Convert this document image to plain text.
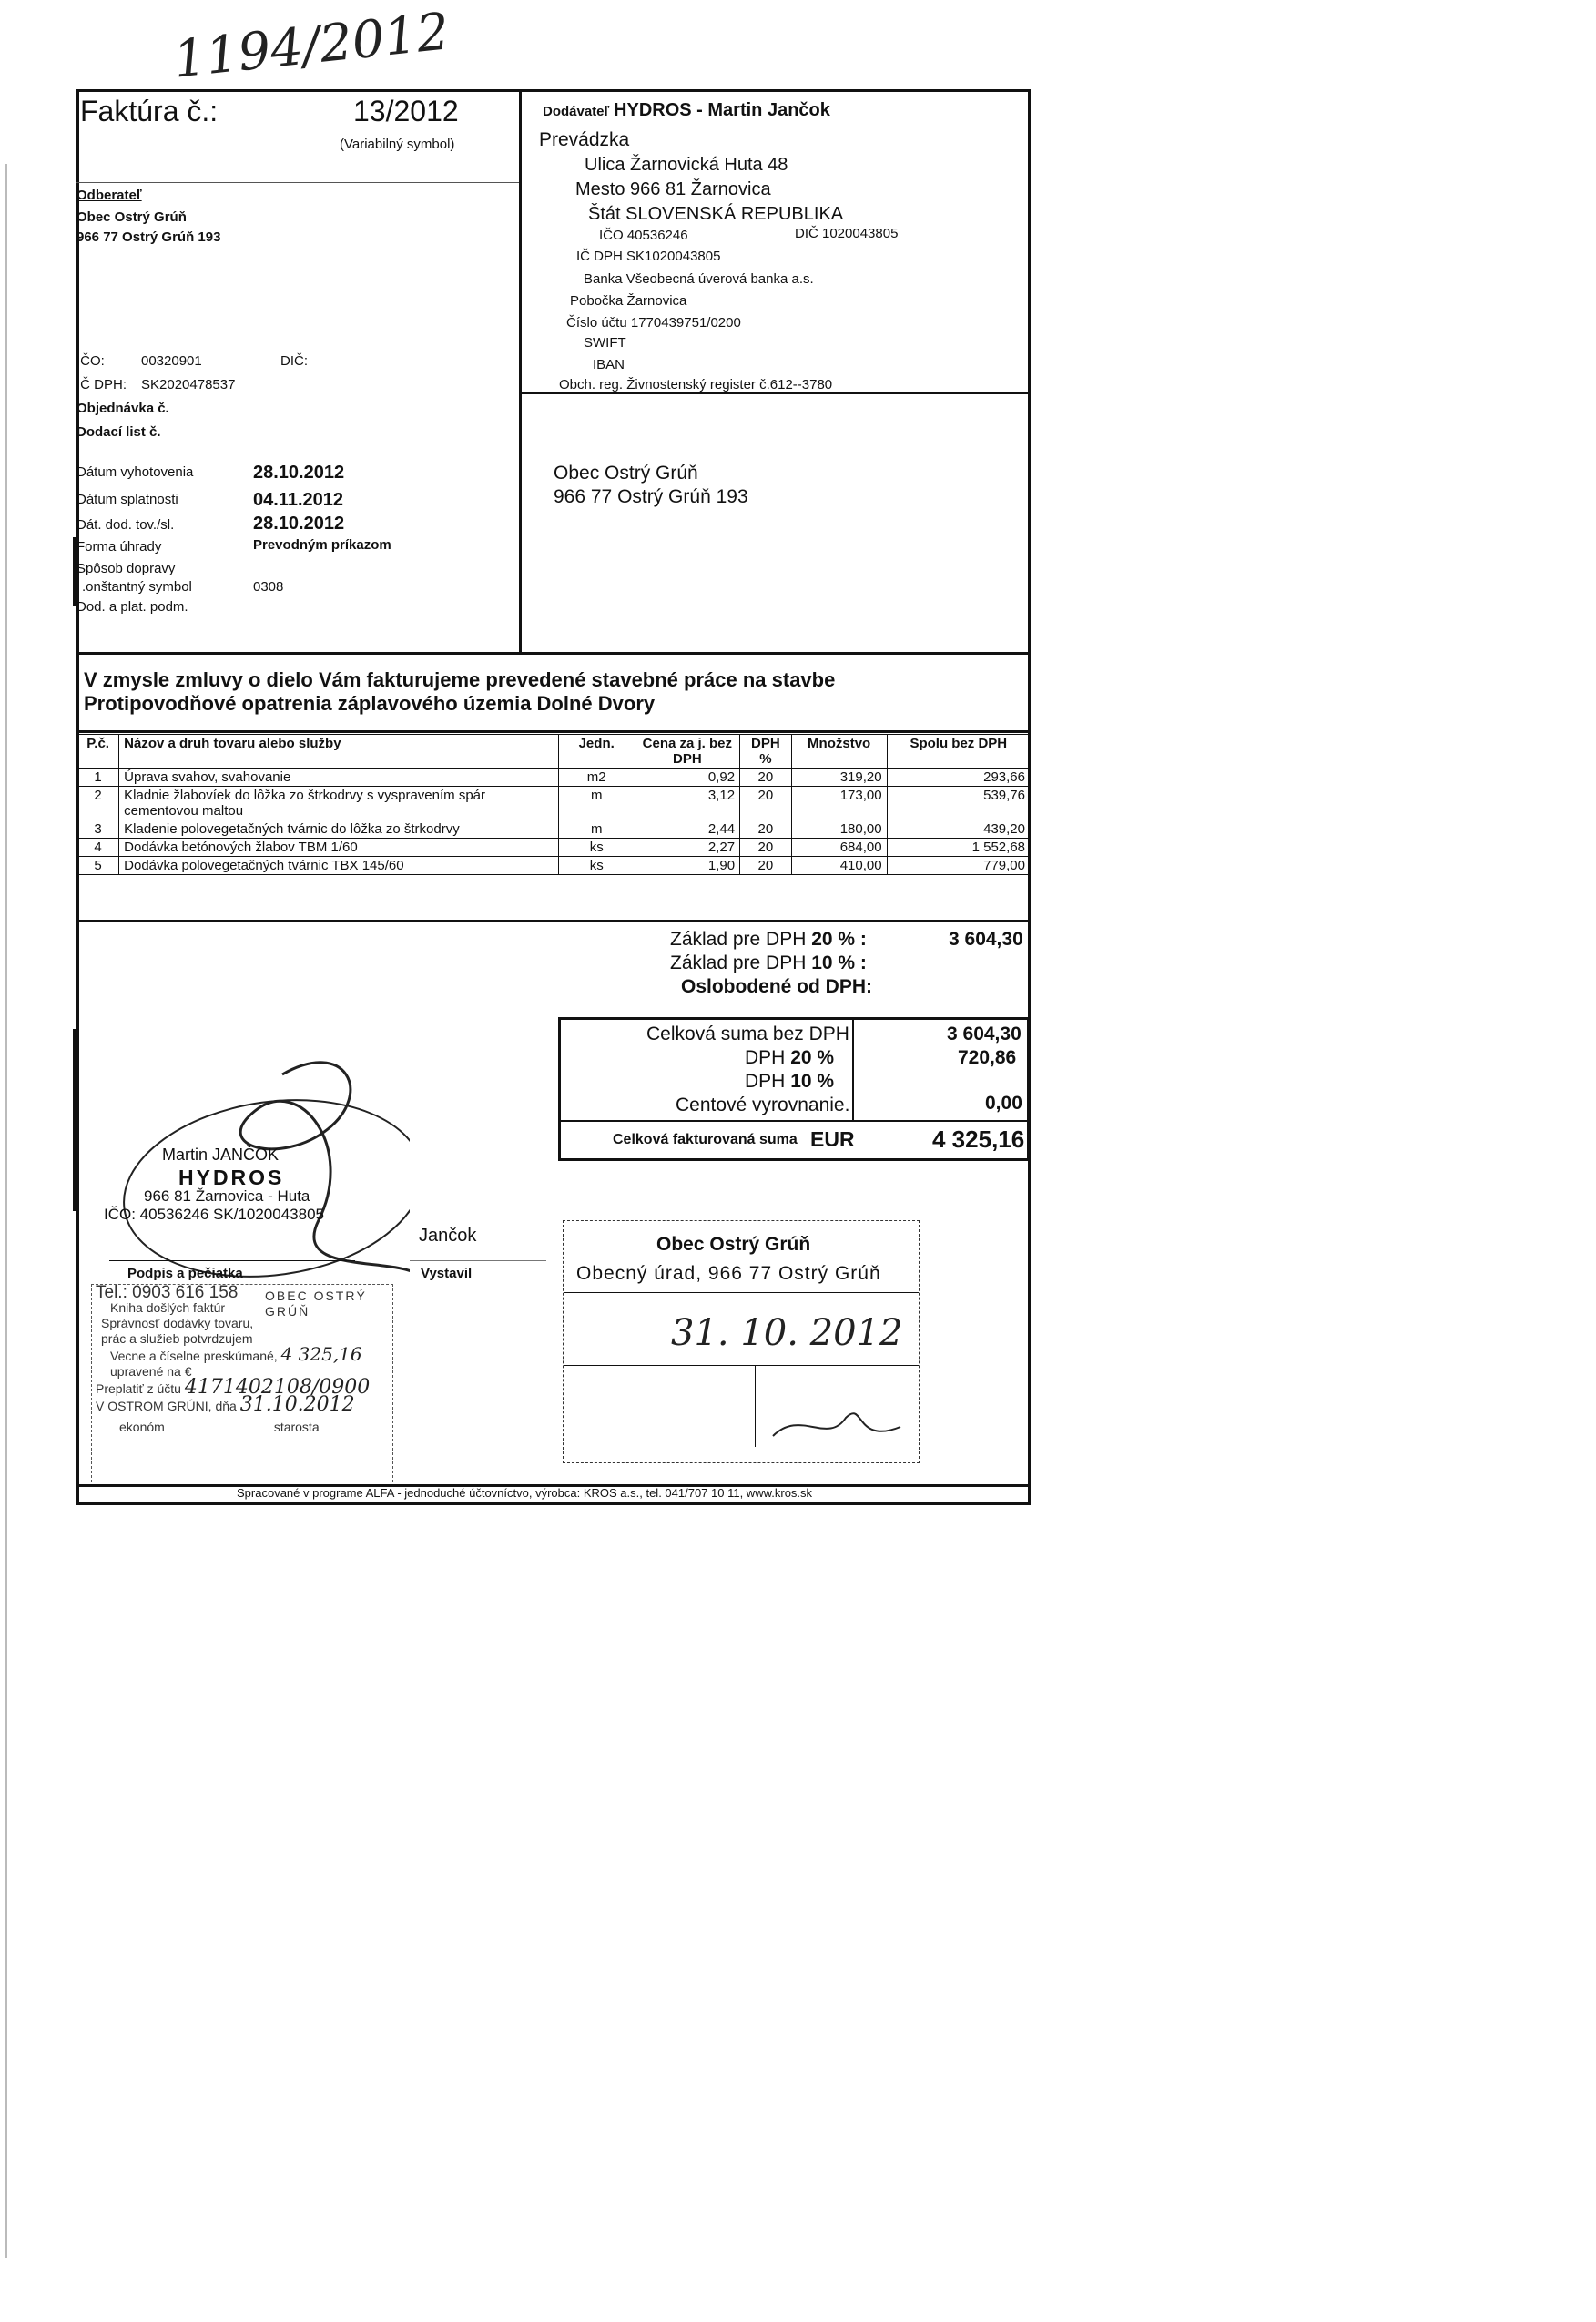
1194/2012
Faktúra č.:	13/2012
(Variabilný symbol)
Odberateľ
Obec Ostrý Grúň
966 77 Ostrý Grúň 193
IČO:	00320901	DIČ:
IČ DPH: SK2020478537
Objednávka č.
Dodací list č.
Dodávateľ HYDROS - Martin Jančok
Prevádzka
Ulica Žarnovická Huta 48
Mesto 966 81 Žarnovica
Štát SLOVENSKÁ REPUBLIKA
IČO 40536246	DIČ 1020043805
IČ DPH SK1020043805
Banka Všeobecná úverová banka a.s.
Pobočka Žarnovica
Číslo účtu 1770439751/0200
SWIFT
IBAN
Obch. reg. Živnostenský register č.612--3780
Dátum vyhotovenia	28.10.2012
Dátum splatnosti	04.11.2012
Dát. dod. tov./sl.	28.10.2012
Forma úhrady	Prevodným príkazom
Spôsob dopravy
.onštantný symbol	0308
Dod. a plat. podm.
Obec Ostrý Grúň
966 77 Ostrý Grúň 193
V zmysle zmluvy o dielo Vám fakturujeme prevedené stavebné práce na stavbe
Protipovodňové opatrenia záplavového územia Dolné Dvory
P.č.	Názov a druh tovaru alebo služby	Jedn.	Cena za j. bez DPH	DPH %	Množstvo	Spolu bez DPH
1	Úprava svahov, svahovanie	m2	0,92	20	319,20	293,66
2	Kladnie žlabovíek do lôžka zo štrkodrvy s vyspravením spár cementovou maltou	m	3,12	20	173,00	539,76
3	Kladenie polovegetačných tvárnic do lôžka zo štrkodrvy	m	2,44	20	180,00	439,20
4	Dodávka betónových žlabov TBM 1/60	ks	2,27	20	684,00	1 552,68
5	Dodávka polovegetačných tvárnic TBX 145/60	ks	1,90	20	410,00	779,00
Základ pre DPH 20 % :	3 604,30
Základ pre DPH 10 % :
Oslobodené od DPH:
Celková suma bez DPH	3 604,30
DPH 20 %	720,86
DPH 10 %
Centové vyrovnanie.	0,00
Celková fakturovaná suma EUR	4 325,16
Martin JANČOK
HYDROS
966 81 Žarnovica - Huta
IČO: 40536246 SK/1020043805
Podpis a pečiatka
Jančok
Vystavil
Tel.: 0903 616 158	OBEC OSTRÝ GRÚŇ
Kniha došlých faktúr
Správnosť dodávky tovaru,
prác a služieb potvrdzujem
Vecne a číselne preskúmané, 4 325,16
upravené na €
Preplatiť z účtu 4171402108/0900
V OSTROM GRÚNI, dňa 31.10.2012
ekonóm	starosta
Obec Ostrý Grúň
Obecný úrad, 966 77 Ostrý Grúň
31. 10. 2012
Spracované v programe ALFA - jednoduché účtovníctvo, výrobca: KROS a.s., tel. 041/707 10 11, www.kros.sk
